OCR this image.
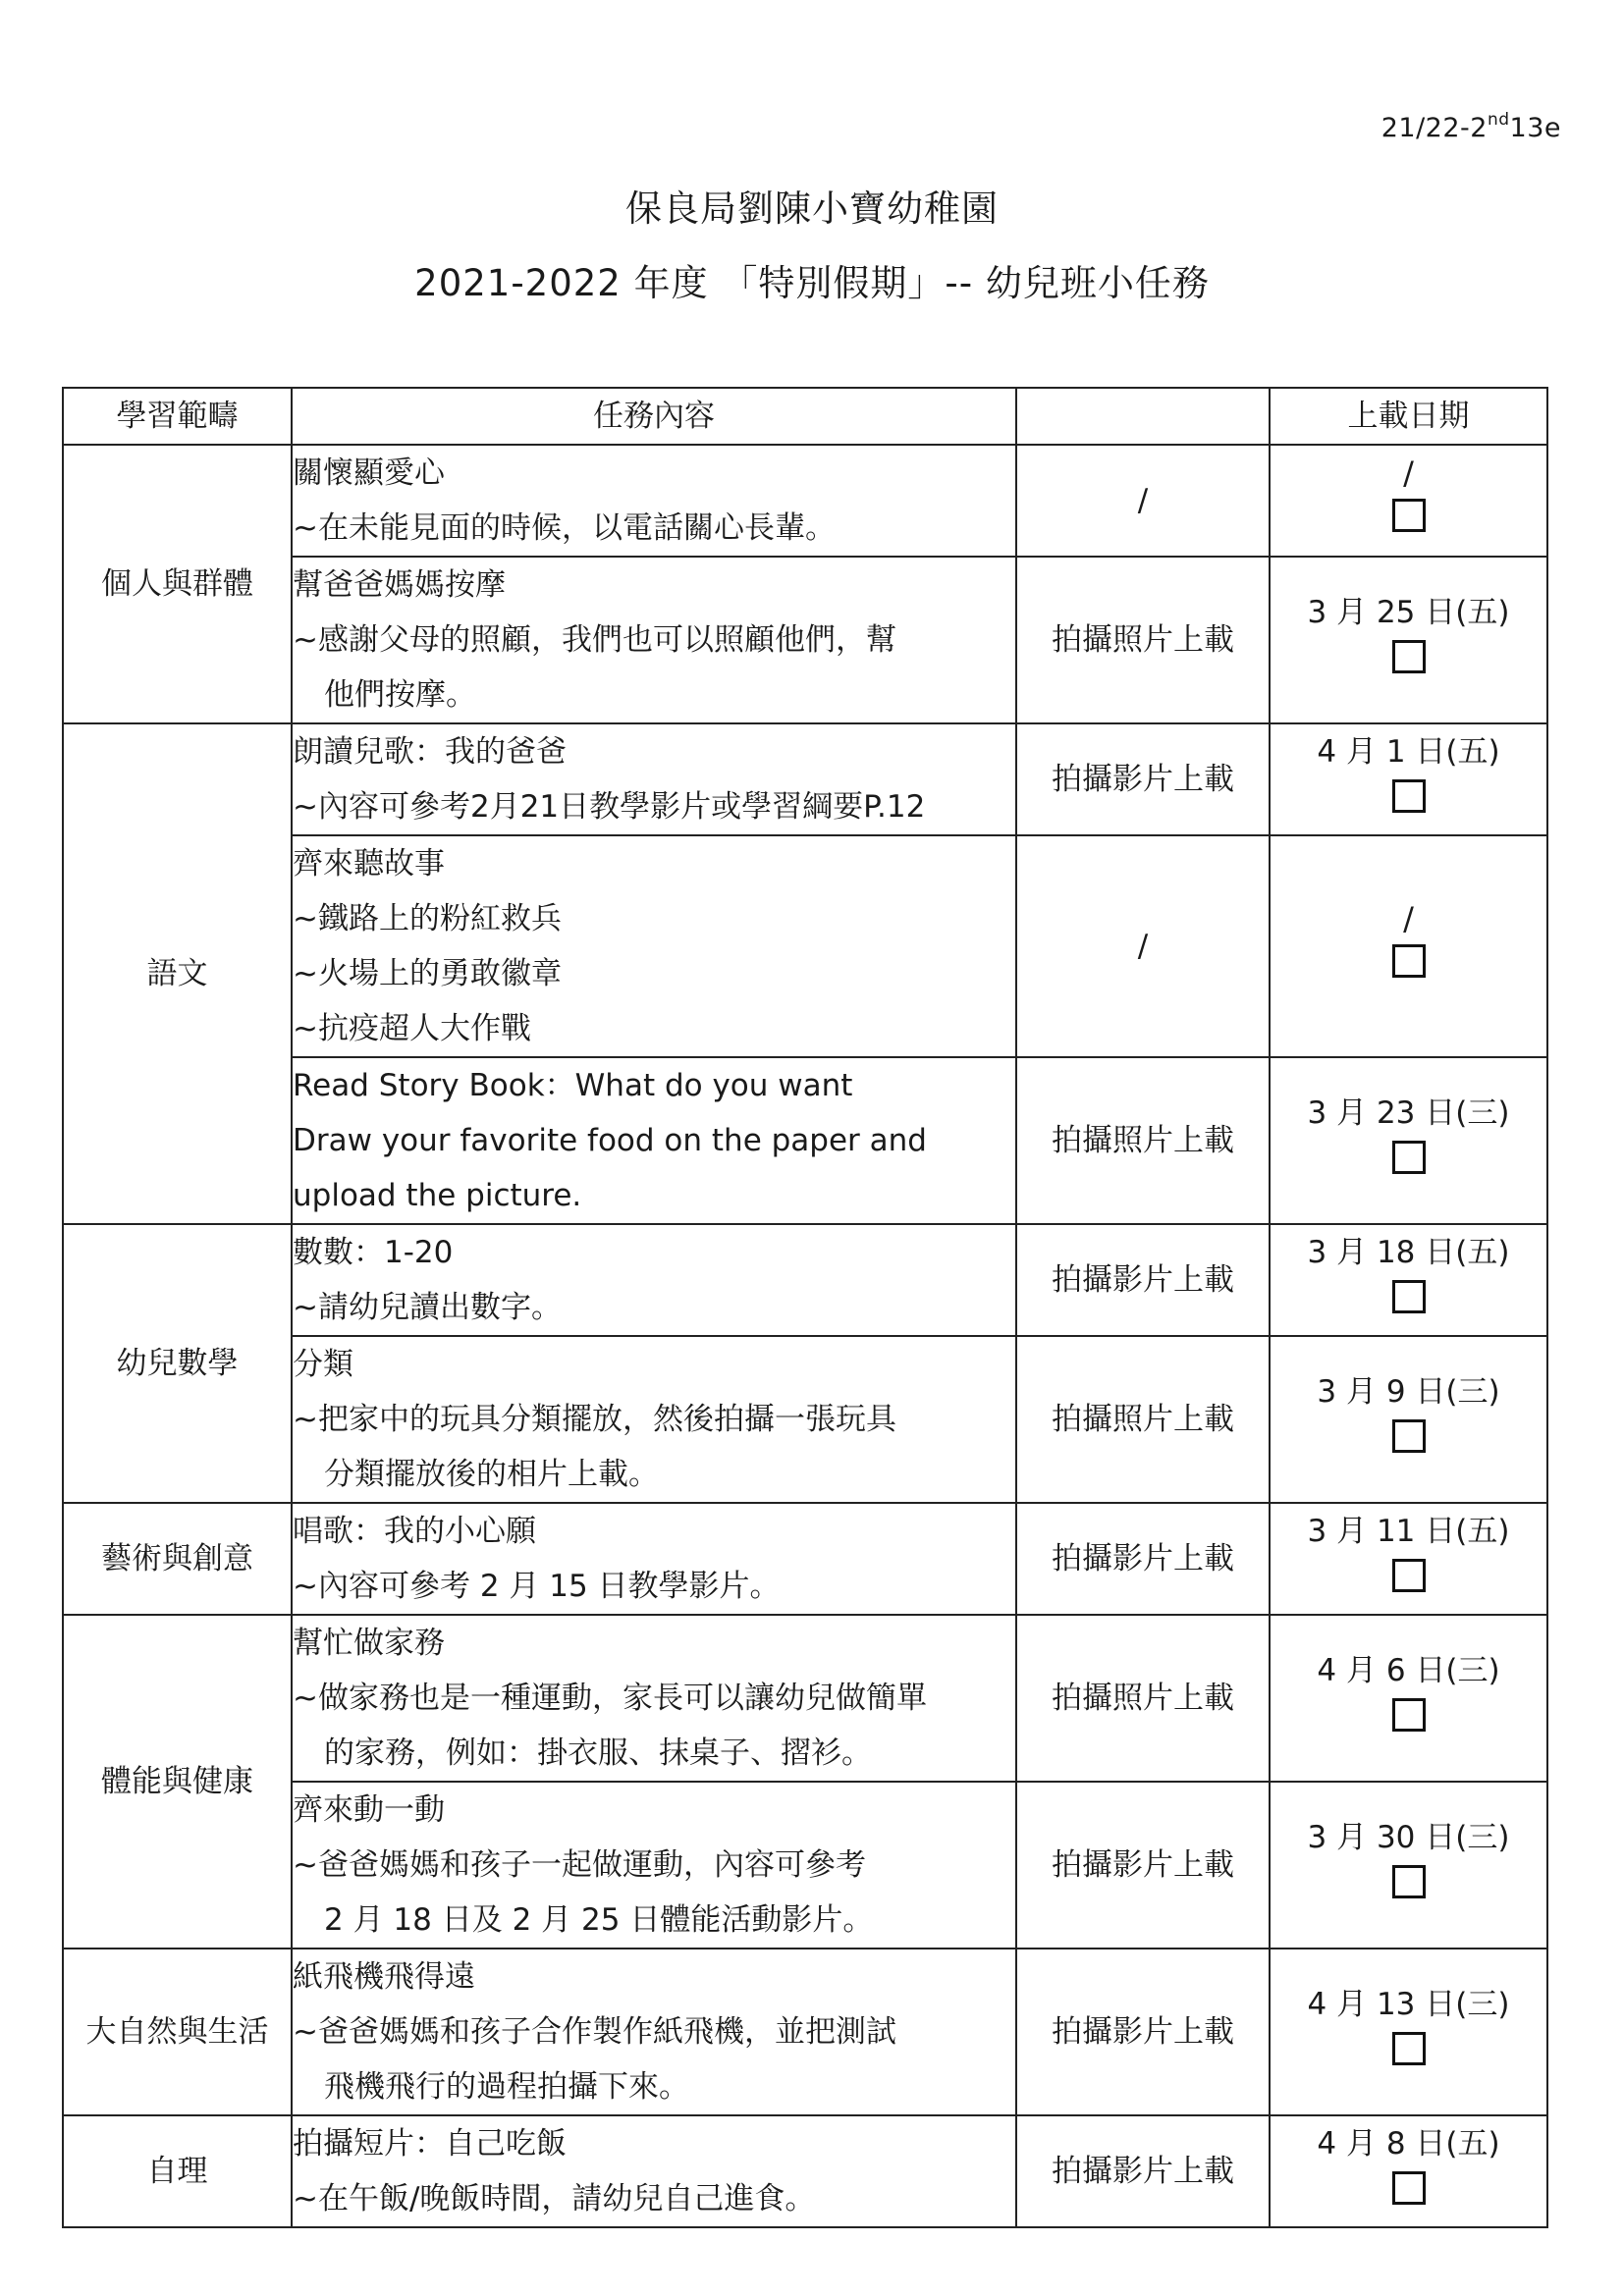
21/22-2nd13e
保良局劉陳小寶幼稚園
2021-2022 年度 「特別假期」-- 幼兒班小任務
學習範疇	任務內容		上載日期
個人與群體	關懷顯愛心
~在未能見面的時候，以電話關心長輩。	/	/

	幫爸爸媽媽按摩
~感謝父母的照顧，我們也可以照顧他們，幫
他們按摩。	拍攝照片上載	3 月 25 日(五)

語文	朗讀兒歌：我的爸爸
~內容可參考2月21日教學影片或學習綱要P.12	拍攝影片上載	4 月 1 日(五)

	齊來聽故事
~鐵路上的粉紅救兵
~火場上的勇敢徽章
~抗疫超人大作戰	/	/

	Read Story Book：What do you want
Draw your favorite food on the paper and
upload the picture.	拍攝照片上載	3 月 23 日(三)

幼兒數學	數數：1-20
~請幼兒讀出數字。	拍攝影片上載	3 月 18 日(五)

	分類
~把家中的玩具分類擺放，然後拍攝一張玩具
分類擺放後的相片上載。	拍攝照片上載	3 月 9 日(三)

藝術與創意	唱歌：我的小心願
~內容可參考 2 月 15 日教學影片。	拍攝影片上載	3 月 11 日(五)

體能與健康	幫忙做家務
~做家務也是一種運動，家長可以讓幼兒做簡單
的家務，例如：掛衣服、抹桌子、摺衫。	拍攝照片上載	4 月 6 日(三)

	齊來動一動
~爸爸媽媽和孩子一起做運動，內容可參考
2 月 18 日及 2 月 25 日體能活動影片。	拍攝影片上載	3 月 30 日(三)

大自然與生活	紙飛機飛得遠
~爸爸媽媽和孩子合作製作紙飛機，並把測試
飛機飛行的過程拍攝下來。	拍攝影片上載	4 月 13 日(三)

自理	拍攝短片：自己吃飯
~在午飯/晚飯時間，請幼兒自己進食。	拍攝影片上載	4 月 8 日(五)
